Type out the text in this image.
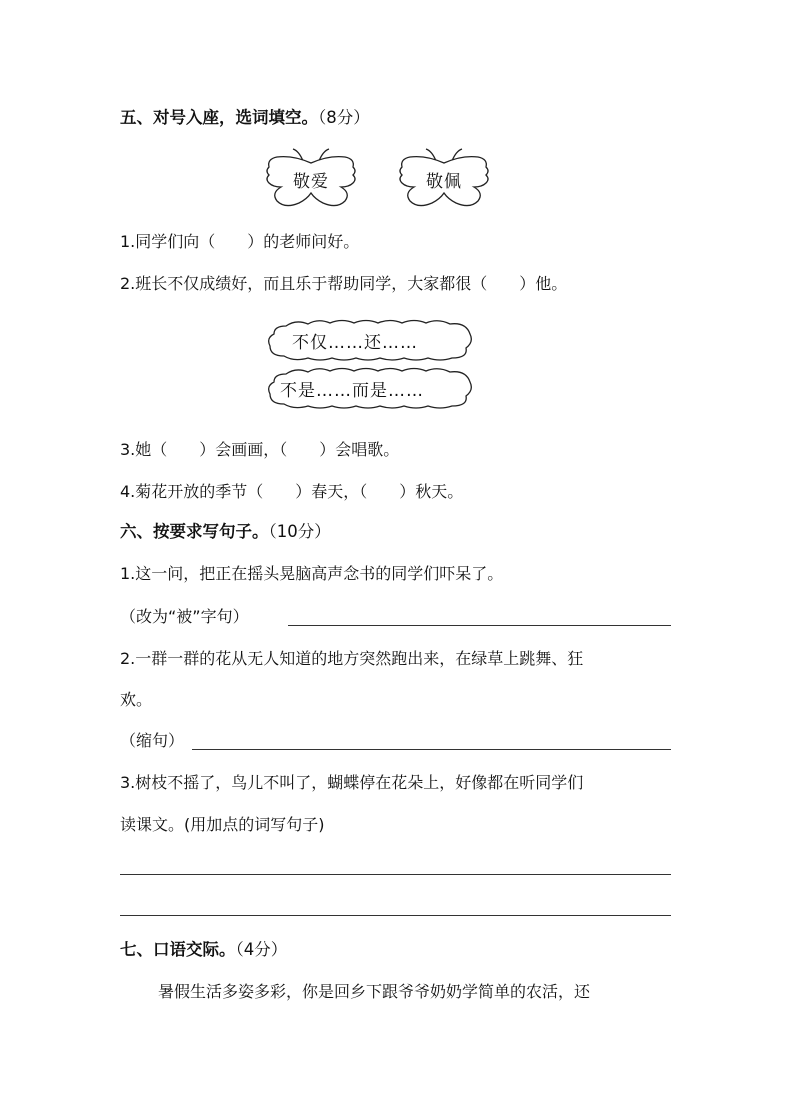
五、对号入座，选词填空。（8分）
敬爱	敬佩
1.同学们向（　　）的老师问好。
2.班长不仅成绩好，而且乐于帮助同学，大家都很（　　）他。
不仅……还……
不是……而是……
3.她（　　）会画画，（　　）会唱歌。
4.菊花开放的季节（　　）春天，（　　）秋天。
六、按要求写句子。（10分）
1.这一问，把正在摇头晃脑高声念书的同学们吓呆了。
（改为“被”字句）
2.一群一群的花从无人知道的地方突然跑出来，在绿草上跳舞、狂
欢。
（缩句）
3.树枝不摇了，鸟儿不叫了，蝴蝶停在花朵上，好像都在听同学们
读课文。(用加点的词写句子)
七、口语交际。（4分）
暑假生活多姿多彩，你是回乡下跟爷爷奶奶学简单的农活，还
